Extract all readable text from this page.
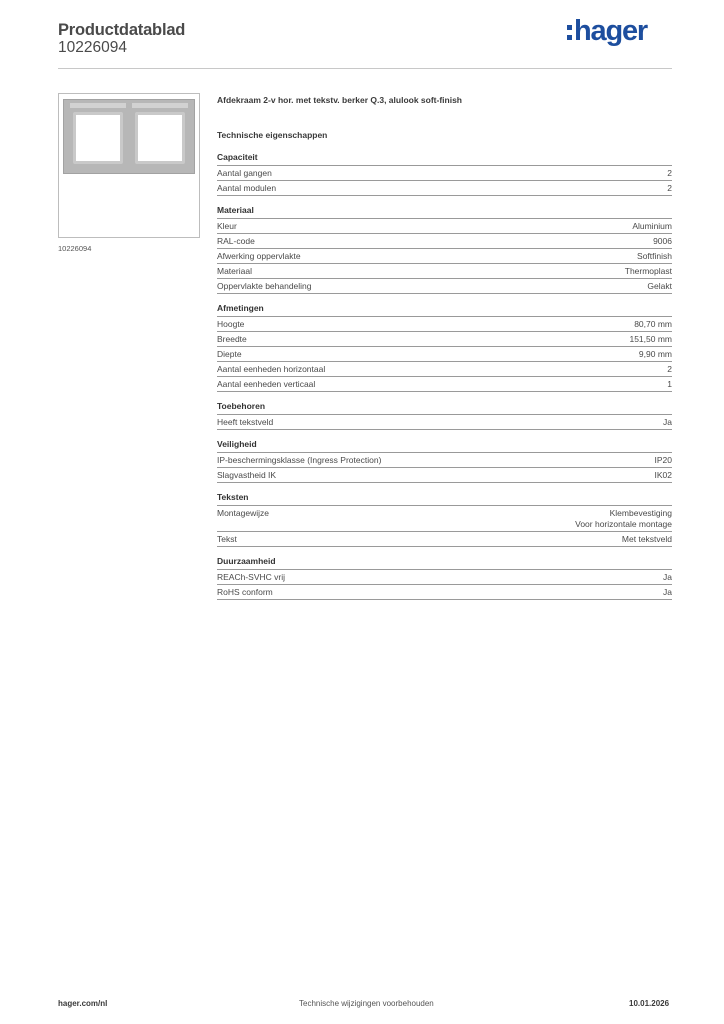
Productdatablad
10226094
hager
10226094
Afdekraam 2-v hor. met tekstv. berker Q.3, alulook soft-finish
Technische eigenschappen
Capaciteit
Aantal gangen	2
Aantal modulen	2
Materiaal
Kleur	Aluminium
RAL-code	9006
Afwerking oppervlakte	Softfinish
Materiaal	Thermoplast
Oppervlakte behandeling	Gelakt
Afmetingen
Hoogte	80,70 mm
Breedte	151,50 mm
Diepte	9,90 mm
Aantal eenheden horizontaal	2
Aantal eenheden verticaal	1
Toebehoren
Heeft tekstveld	Ja
Veiligheid
IP-beschermingsklasse (Ingress Protection)	IP20
Slagvastheid IK	IK02
Teksten
Montagewijze	Klembevestiging
Voor horizontale montage
Tekst	Met tekstveld
Duurzaamheid
REACh-SVHC vrij	Ja
RoHS conform	Ja
hager.com/nl	Technische wijzigingen voorbehouden	10.01.2026
